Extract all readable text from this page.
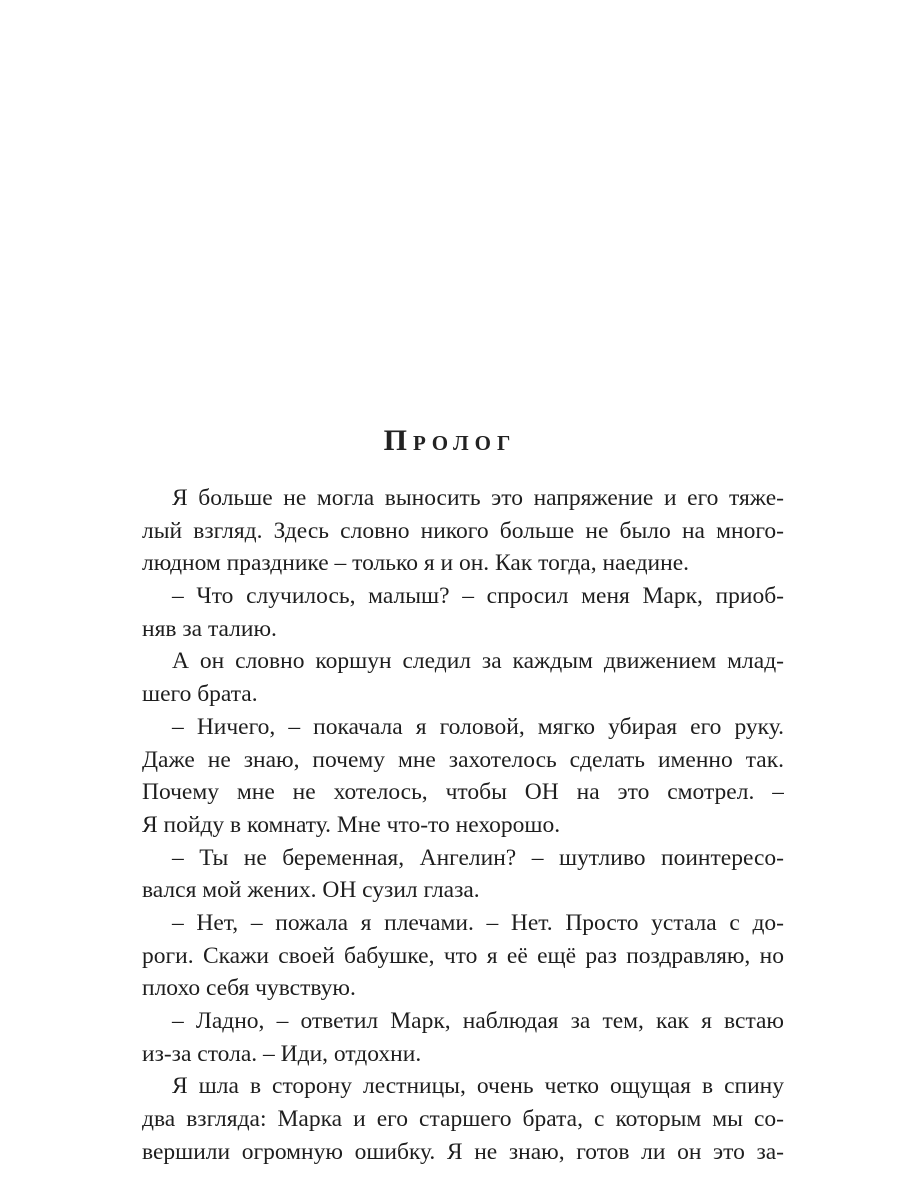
Пролог
Я больше не могла выносить это напряжение и его тяже-
лый взгляд. Здесь словно никого больше не было на много-
людном празднике – только я и он. Как тогда, наедине.
– Что случилось, малыш? – спросил меня Марк, приоб-
няв за талию.
А он словно коршун следил за каждым движением млад-
шего брата.
– Ничего, – покачала я головой, мягко убирая его руку.
Даже не знаю, почему мне захотелось сделать именно так.
Почему мне не хотелось, чтобы ОН на это смотрел. –
Я пойду в комнату. Мне что-то нехорошо.
– Ты не беременная, Ангелин? – шутливо поинтересо-
вался мой жених. ОН сузил глаза.
– Нет, – пожала я плечами. – Нет. Просто устала с до-
роги. Скажи своей бабушке, что я её ещё раз поздравляю, но
плохо себя чувствую.
– Ладно, – ответил Марк, наблюдая за тем, как я встаю
из-за стола. – Иди, отдохни.
Я шла в сторону лестницы, очень четко ощущая в спину
два взгляда: Марка и его старшего брата, с которым мы со-
вершили огромную ошибку. Я не знаю, готов ли он это за-
